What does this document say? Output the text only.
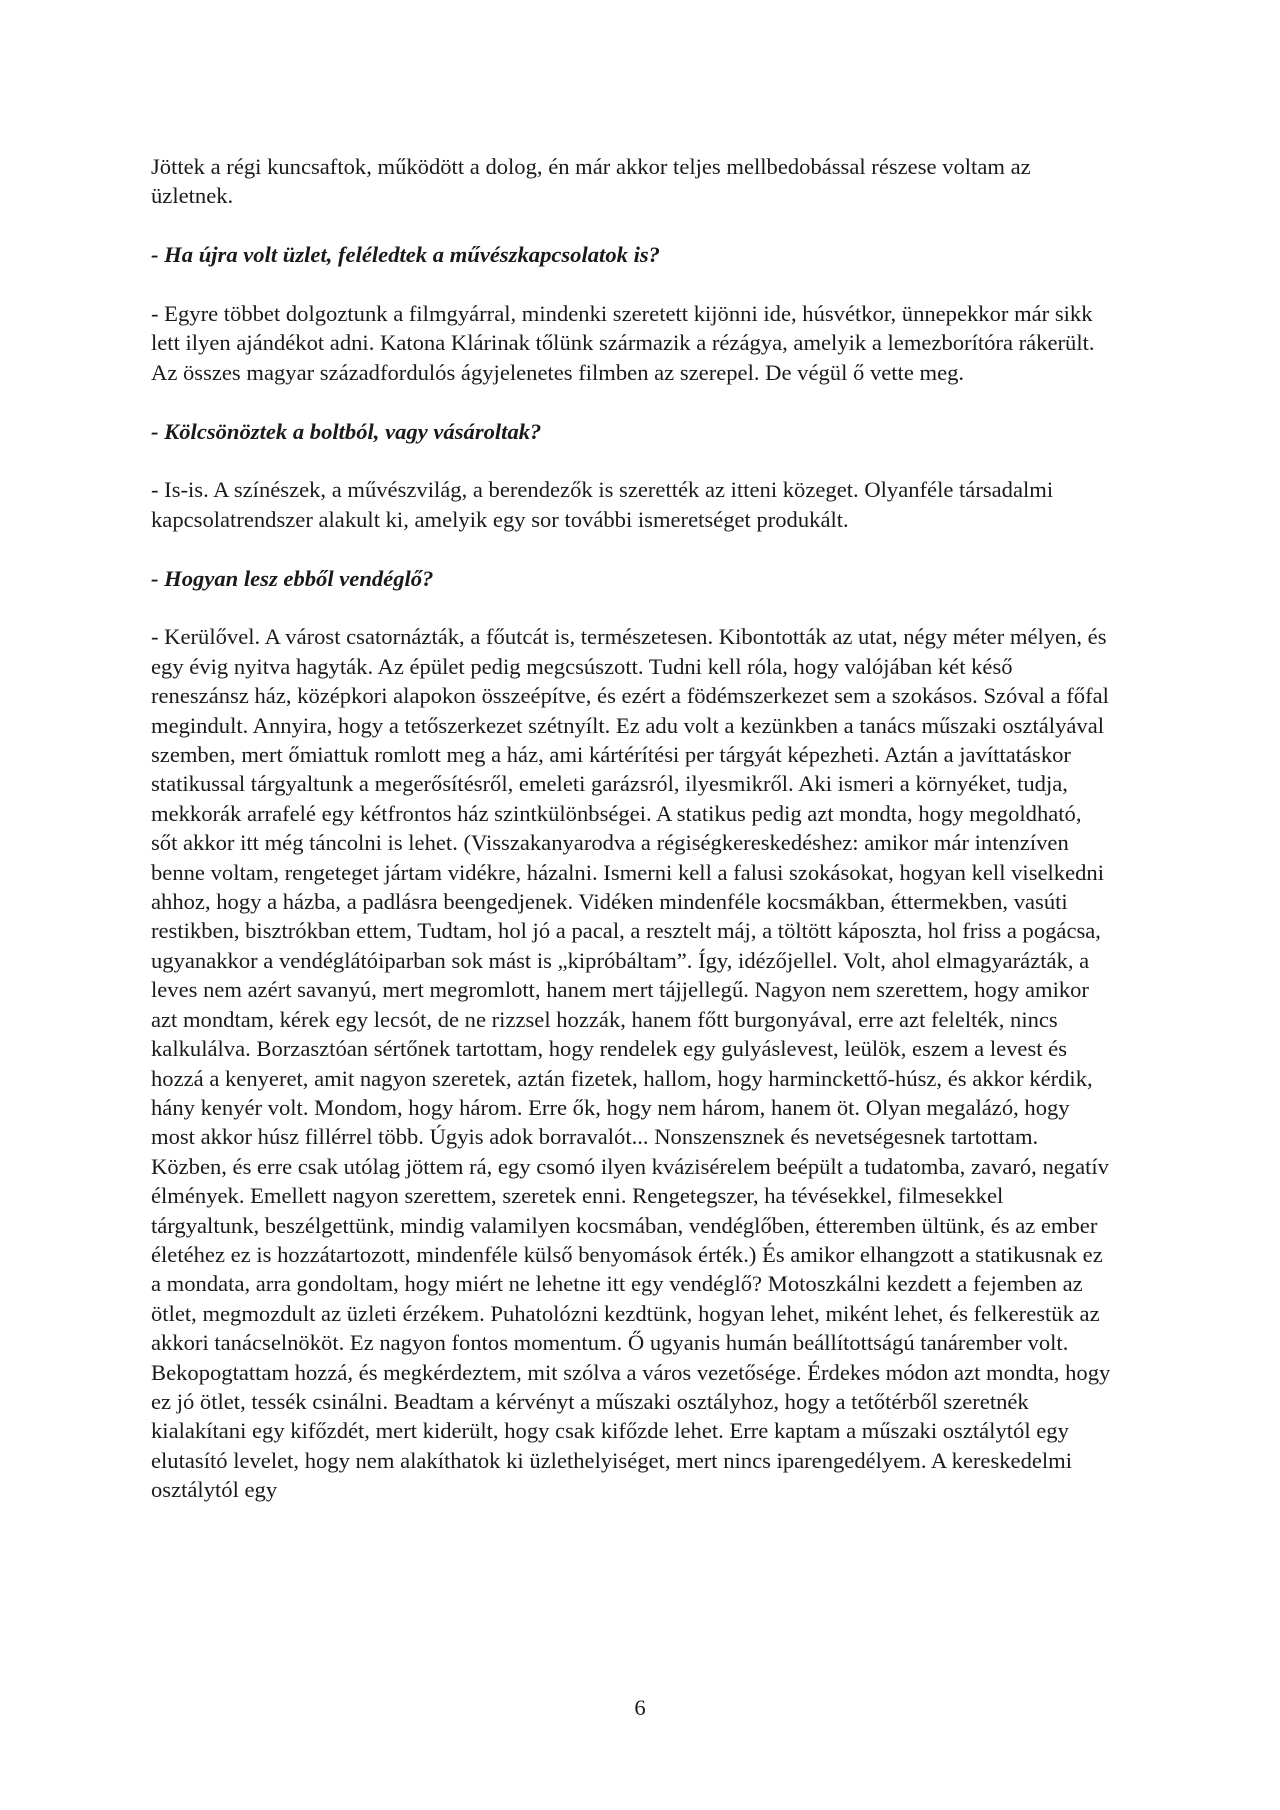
Jöttek a régi kuncsaftok, működött a dolog, én már akkor teljes mellbedobással részese voltam az üzletnek.

- Ha újra volt üzlet, feléledtek a művészkapcsolatok is?

- Egyre többet dolgoztunk a filmgyárral, mindenki szeretett kijönni ide, húsvétkor, ünnepekkor már sikk lett ilyen ajándékot adni. Katona Klárinak tőlünk származik a rézágya, amelyik a lemezborítóra rákerült. Az összes magyar századfordulós ágyjelenetes filmben az szerepel. De végül ő vette meg.

- Kölcsönöztek a boltból, vagy vásároltak?

- Is-is. A színészek, a művészvilág, a berendezők is szerették az itteni közeget. Olyanféle társadalmi kapcsolatrendszer alakult ki, amelyik egy sor további ismeretséget produkált.

- Hogyan lesz ebből vendéglő?

- Kerülővel. A várost csatornázták, a főutcát is, természetesen. Kibontották az utat, négy méter mélyen, és egy évig nyitva hagyták. Az épület pedig megcsúszott. Tudni kell róla, hogy valójában két késő reneszánsz ház, középkori alapokon összeépítve, és ezért a födémszerkezet sem a szokásos. Szóval a főfal megindult. Annyira, hogy a tetőszerkezet szétnyílt. Ez adu volt a kezünkben a tanács műszaki osztályával szemben, mert őmiattuk romlott meg a ház, ami kártérítési per tárgyát képezheti. Aztán a javíttatáskor statikussal tárgyaltunk a megerősítésről, emeleti garázsról, ilyesmikről. Aki ismeri a környéket, tudja, mekkorák arrafelé egy kétfrontos ház szintkülönbségei. A statikus pedig azt mondta, hogy megoldható, sőt akkor itt még táncolni is lehet. (Visszakanyarodva a régiségkereskedéshez: amikor már intenzíven benne voltam, rengeteget jártam vidékre, házalni. Ismerni kell a falusi szokásokat, hogyan kell viselkedni ahhoz, hogy a házba, a padlásra beengedjenek. Vidéken mindenféle kocsmákban, éttermekben, vasúti restikben, bisztrókban ettem, Tudtam, hol jó a pacal, a resztelt máj, a töltött káposzta, hol friss a pogácsa, ugyanakkor a vendéglátóiparban sok mást is „kipróbáltam”. Így, idézőjellel. Volt, ahol elmagyarázták, a leves nem azért savanyú, mert megromlott, hanem mert tájjellegű. Nagyon nem szerettem, hogy amikor azt mondtam, kérek egy lecsót, de ne rizzsel hozzák, hanem főtt burgonyával, erre azt felelték, nincs kalkulálva. Borzasztóan sértőnek tartottam, hogy rendelek egy gulyáslevest, leülök, eszem a levest és hozzá a kenyeret, amit nagyon szeretek, aztán fizetek, hallom, hogy harminckettő-húsz, és akkor kérdik, hány kenyér volt. Mondom, hogy három. Erre ők, hogy nem három, hanem öt. Olyan megalázó, hogy most akkor húsz fillérrel több. Úgyis adok borravalót... Nonszensznek és nevetségesnek tartottam. Közben, és erre csak utólag jöttem rá, egy csomó ilyen kvázisérelem beépült a tudatomba, zavaró, negatív élmények. Emellett nagyon szerettem, szeretek enni. Rengetegszer, ha tévésekkel, filmesekkel tárgyaltunk, beszélgettünk, mindig valamilyen kocsmában, vendéglőben, étteremben ültünk, és az ember életéhez ez is hozzátartozott, mindenféle külső benyomások érték.) És amikor elhangzott a statikusnak ez a mondata, arra gondoltam, hogy miért ne lehetne itt egy vendéglő? Motoszkálni kezdett a fejemben az ötlet, megmozdult az üzleti érzékem. Puhatolózni kezdtünk, hogyan lehet, miként lehet, és felkerestük az akkori tanácselnököt. Ez nagyon fontos momentum. Ő ugyanis humán beállítottságú tanárember volt. Bekopogtattam hozzá, és megkérdeztem, mit szólva a város vezetősége. Érdekes módon azt mondta, hogy ez jó ötlet, tessék csinálni. Beadtam a kérvényt a műszaki osztályhoz, hogy a tetőtérből szeretnék kialakítani egy kifőzdét, mert kiderült, hogy csak kifőzde lehet. Erre kaptam a műszaki osztálytól egy elutasító levelet, hogy nem alakíthatok ki üzlethelyiséget, mert nincs iparengedélyem. A kereskedelmi osztálytól egy

6
